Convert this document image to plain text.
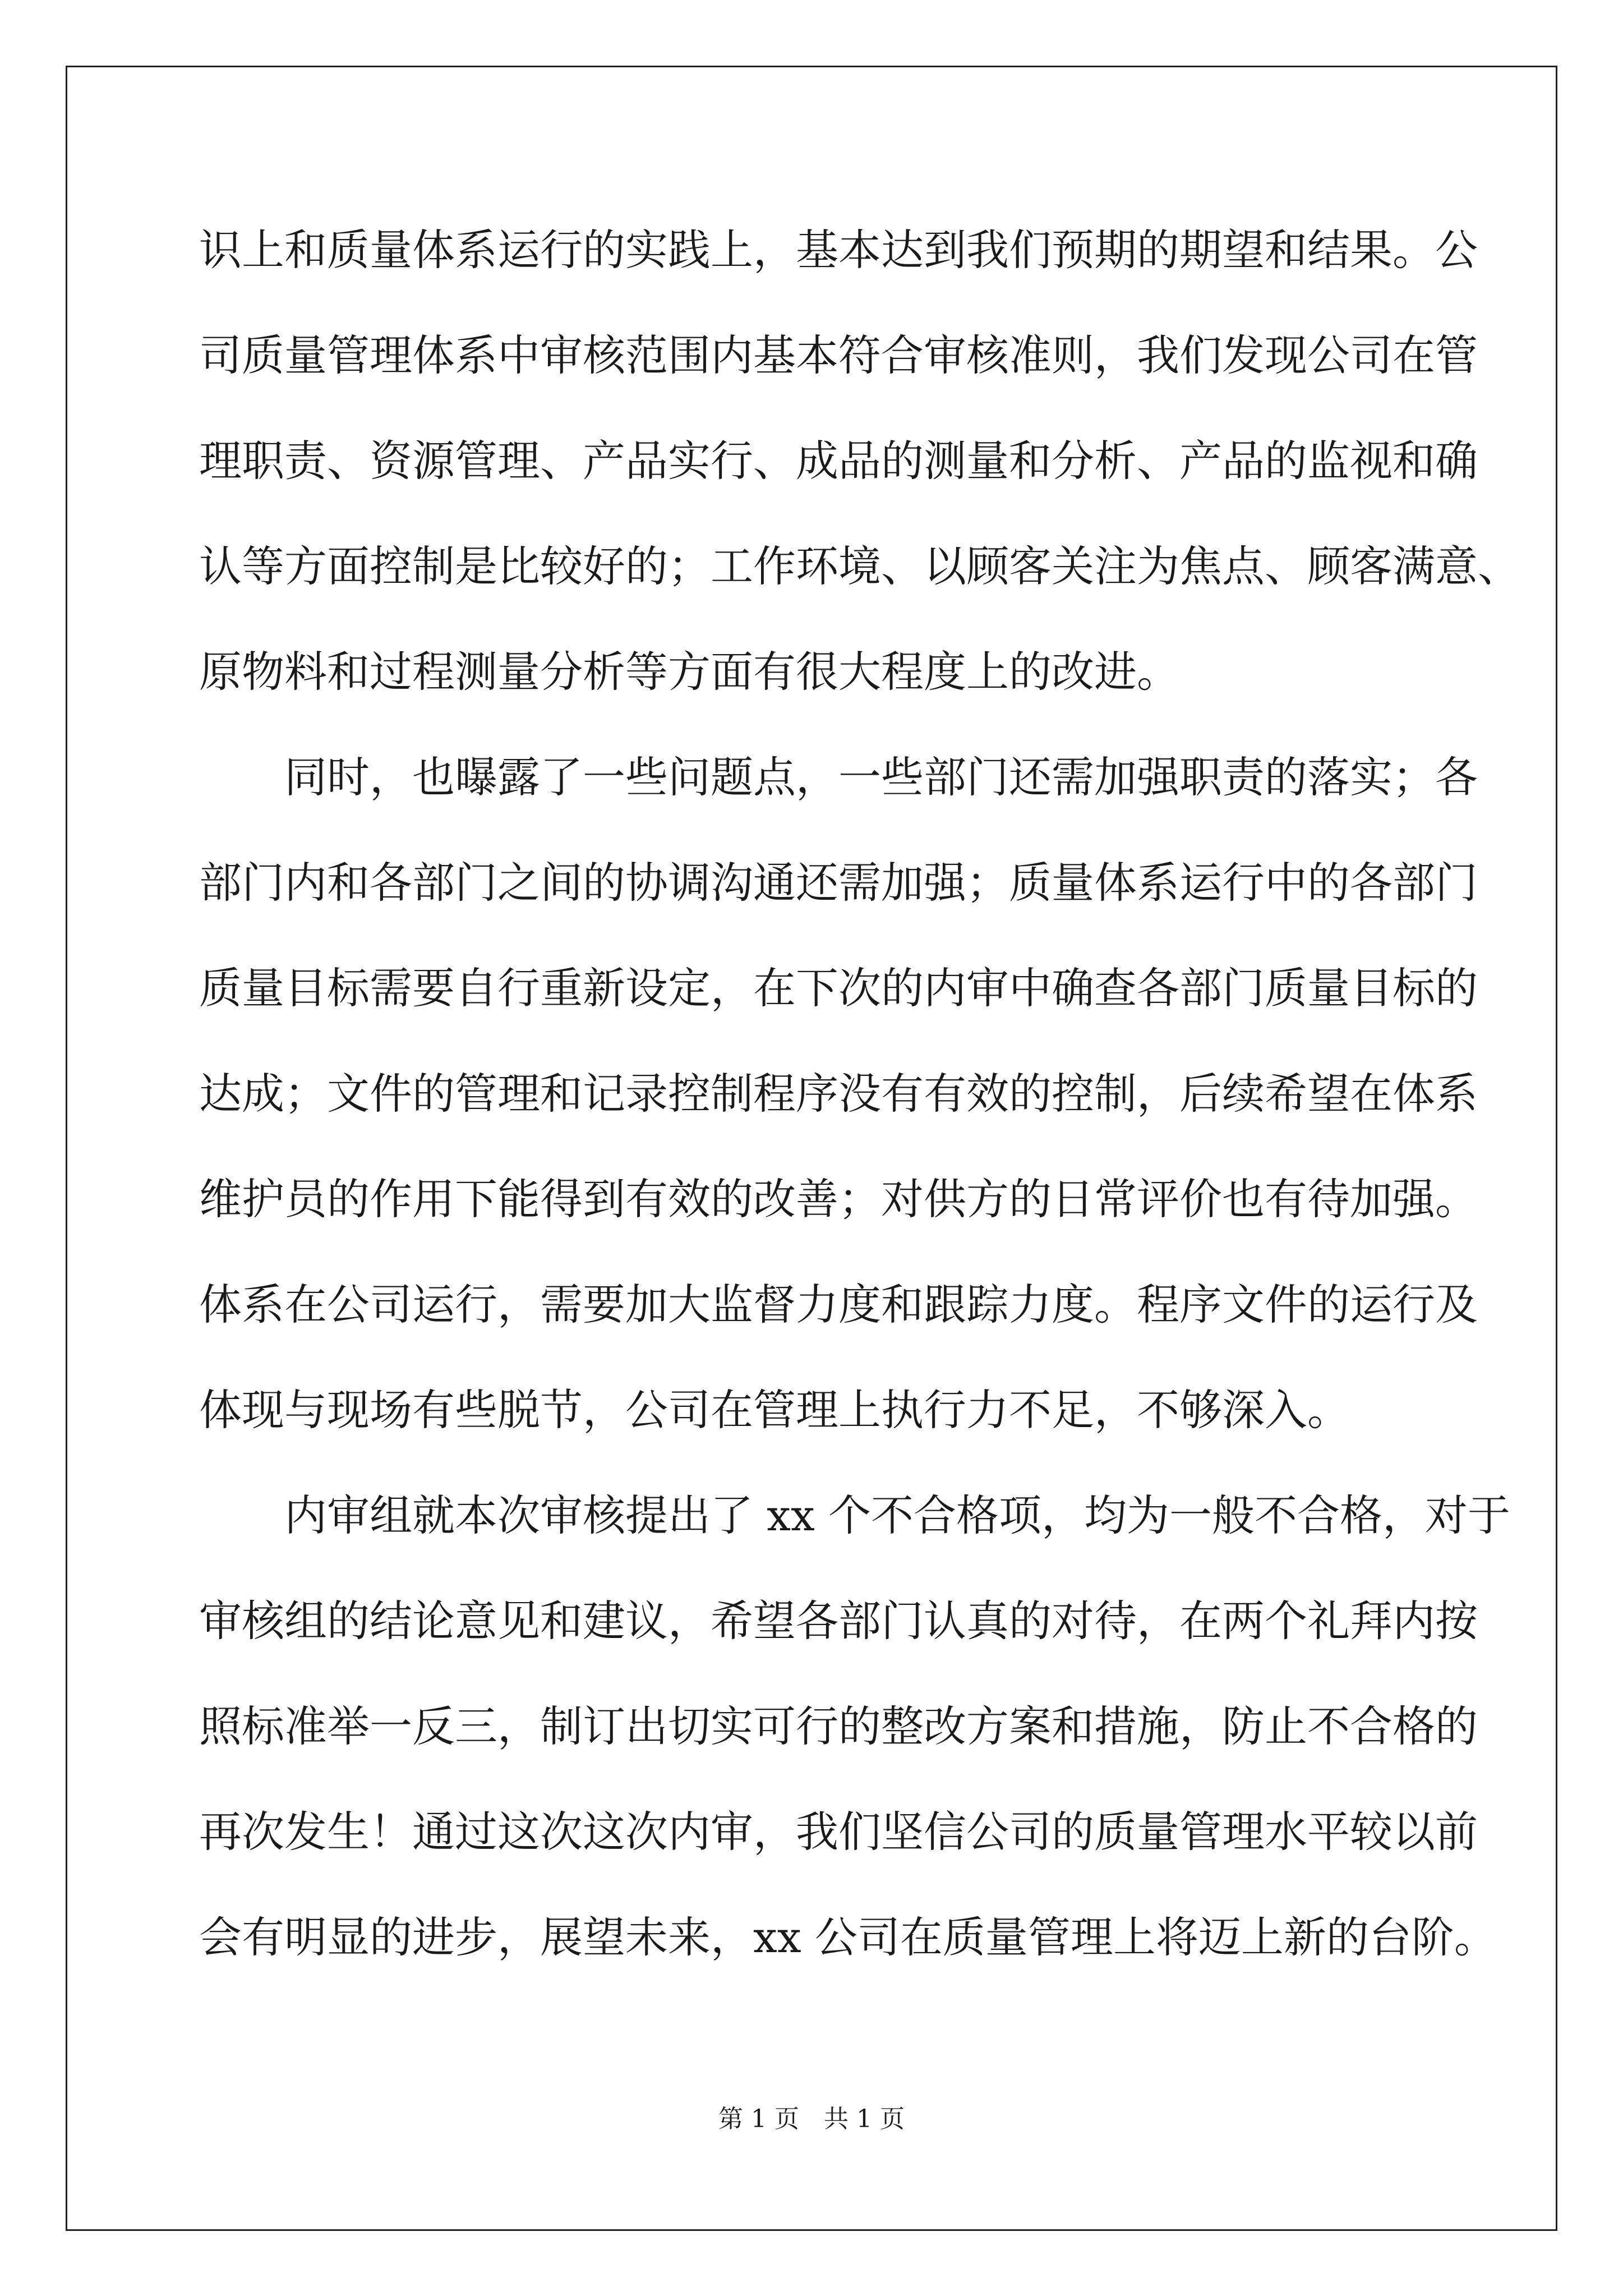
识上和质量体系运行的实践上，基本达到我们预期的期望和结果。公
司质量管理体系中审核范围内基本符合审核准则，我们发现公司在管
理职责、资源管理、产品实行、成品的测量和分析、产品的监视和确
认等方面控制是比较好的；工作环境、以顾客关注为焦点、顾客满意、
原物料和过程测量分析等方面有很大程度上的改进。
　　同时，也曝露了一些问题点，一些部门还需加强职责的落实；各
部门内和各部门之间的协调沟通还需加强；质量体系运行中的各部门
质量目标需要自行重新设定，在下次的内审中确查各部门质量目标的
达成；文件的管理和记录控制程序没有有效的控制，后续希望在体系
维护员的作用下能得到有效的改善；对供方的日常评价也有待加强。
体系在公司运行，需要加大监督力度和跟踪力度。程序文件的运行及
体现与现场有些脱节，公司在管理上执行力不足，不够深入。
　　内审组就本次审核提出了 xx 个不合格项，均为一般不合格，对于
审核组的结论意见和建议，希望各部门认真的对待，在两个礼拜内按
照标准举一反三，制订出切实可行的整改方案和措施，防止不合格的
再次发生！通过这次这次内审，我们坚信公司的质量管理水平较以前
会有明显的进步，展望未来，xx 公司在质量管理上将迈上新的台阶。
第 1 页　共 1 页
